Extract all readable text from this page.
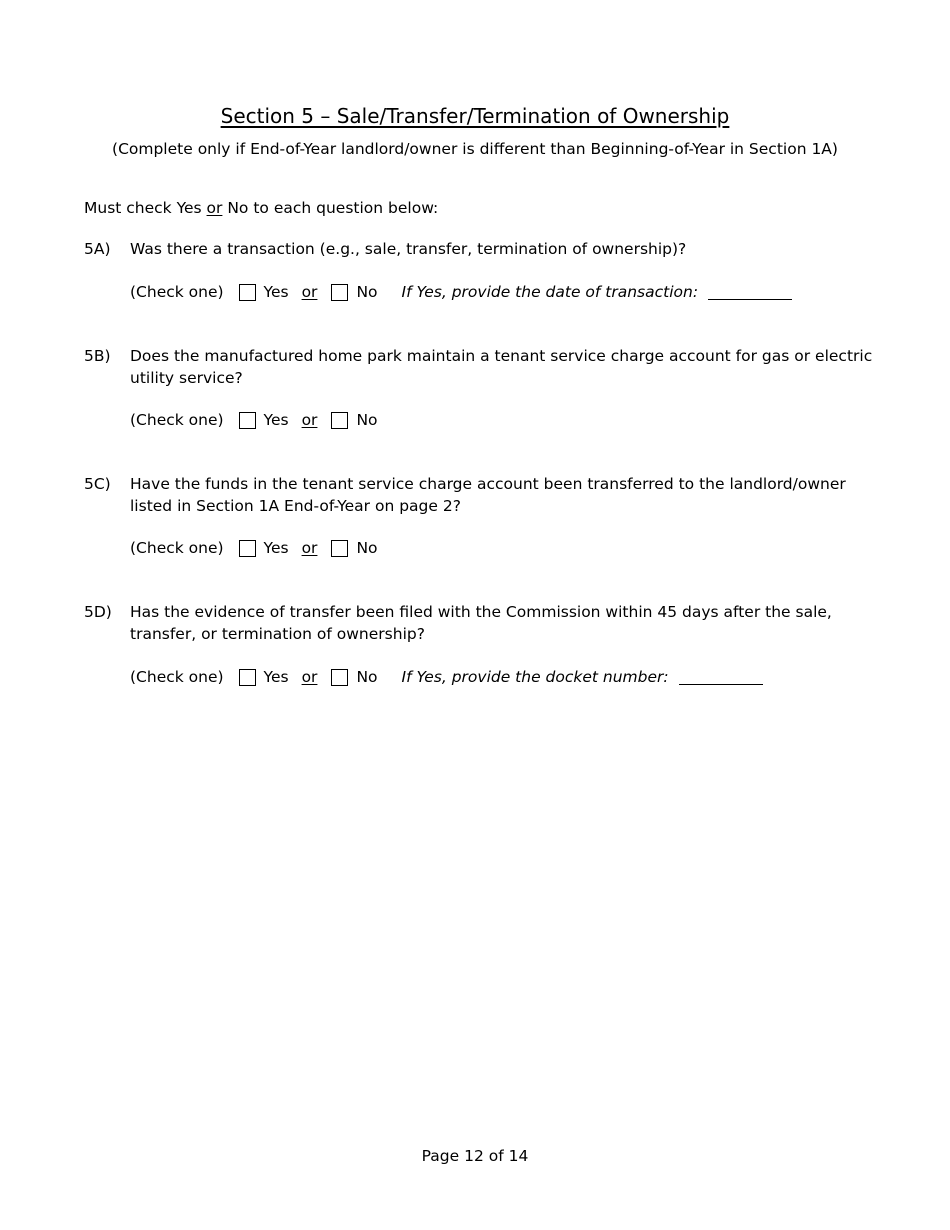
Section 5 – Sale/Transfer/Termination of Ownership
(Complete only if End-of-Year landlord/owner is different than Beginning-of-Year in Section 1A)
Must check Yes or No to each question below:
5A)	Was there a transaction (e.g., sale, transfer, termination of ownership)?
(Check one)	Yes or	No If Yes, provide the date of transaction:
5B)	Does the manufactured home park maintain a tenant service charge account for gas or electric utility service?
(Check one)	Yes or	No
5C)	Have the funds in the tenant service charge account been transferred to the landlord/owner listed in Section 1A End-of-Year on page 2?
(Check one)	Yes or	No
5D)	Has the evidence of transfer been filed with the Commission within 45 days after the sale, transfer, or termination of ownership?
(Check one)	Yes or	No If Yes, provide the docket number:
Page 12 of 14
